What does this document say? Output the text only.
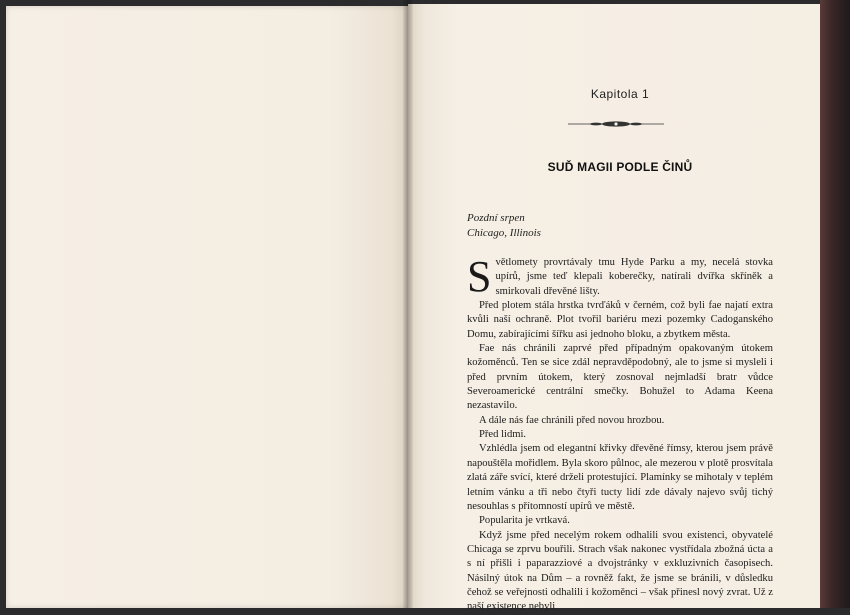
Kapitola 1
SUĎ MAGII PODLE ČINŮ
Pozdní srpen
Chicago, Illinois

Světlomety provrtávaly tmu Hyde Parku a my, necelá stovka upírů, jsme teď klepali koberečky, natírali dvířka skříněk a smirkovali dřevěné lišty.

Před plotem stála hrstka tvrďáků v černém, což byli fae najatí extra kvůli naší ochraně. Plot tvořil bariéru mezi pozemky Cadoganského Domu, zabírajícími šířku asi jednoho bloku, a zbytkem města.

Fae nás chránili zaprvé před případným opakovaným útokem kožoměnců. Ten se sice zdál nepravděpodobný, ale to jsme si mysleli i před prvním útokem, který zosnoval nejmladší bratr vůdce Severoamerické centrální smečky. Bohužel to Adama Keena nezastavilo.

A dále nás fae chránili před novou hrozbou.

Před lidmi.

Vzhlédla jsem od elegantní křivky dřevěné římsy, kterou jsem právě napouštěla mořidlem. Byla skoro půlnoc, ale mezerou v plotě prosvítala zlatá záře svící, které drželi protestující. Plamínky se mihotaly v teplém letním vánku a tři nebo čtyři tucty lidí zde dávaly najevo svůj tichý nesouhlas s přítomností upírů ve městě.

Popularita je vrtkavá.

Když jsme před necelým rokem odhalili svou existenci, obyvatelé Chicaga se zprvu bouřili. Strach však nakonec vystřídala zbožná úcta a s ní přišli i paparazziové a dvojstránky v exkluzivních časopisech. Násilný útok na Dům – a rovněž fakt, že jsme se bránili, v důsledku čehož se veřejnosti odhalili i kožoměnci – však přinesl nový zvrat. Už z naší existence nebyli
